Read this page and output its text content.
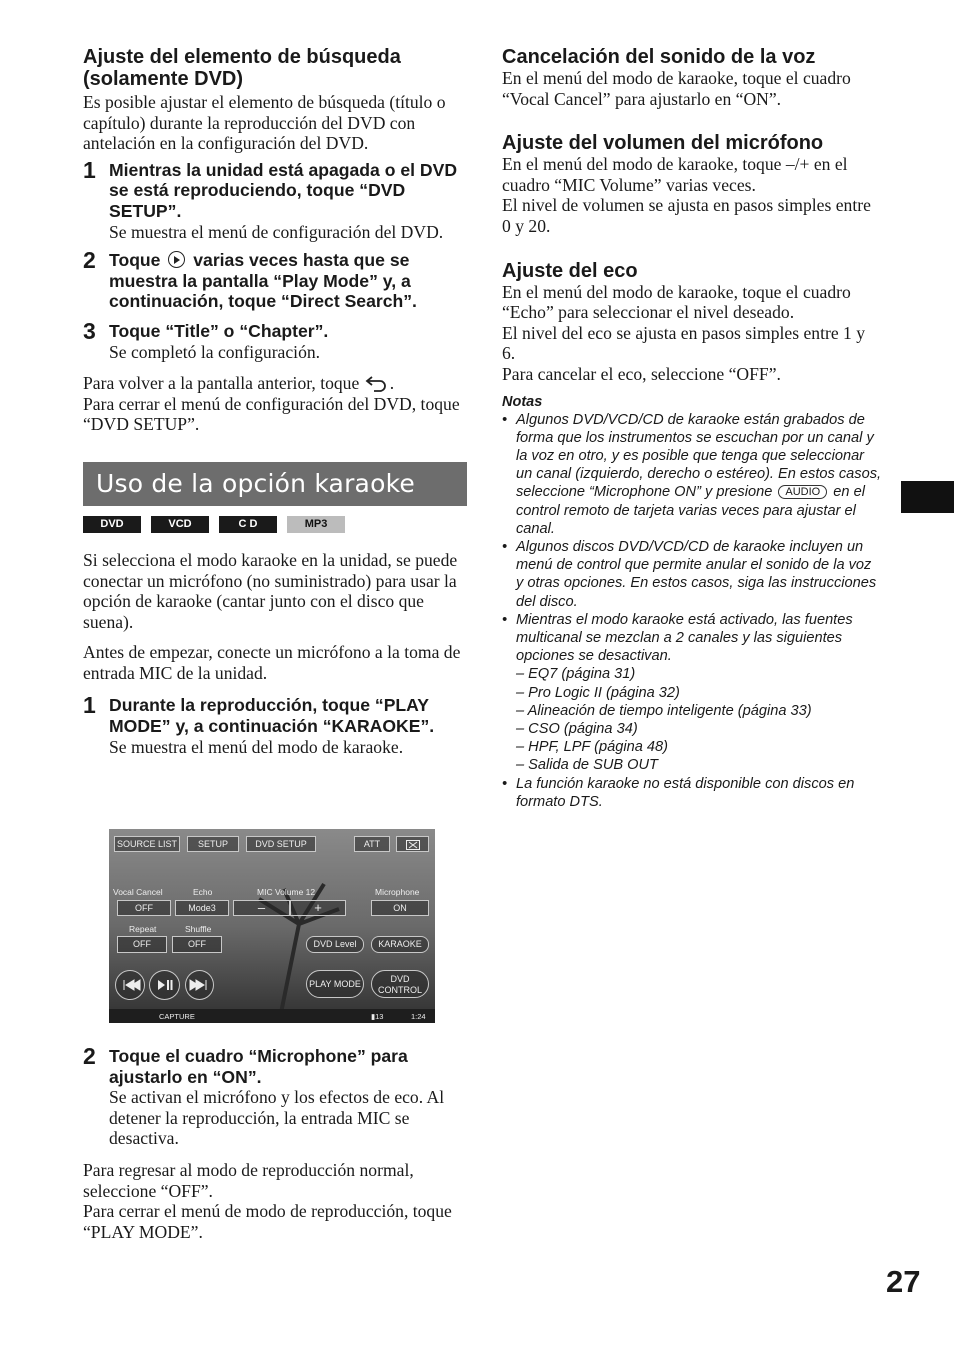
Ajuste del elemento de búsqueda (solamente DVD)

Es posible ajustar el elemento de búsqueda (título o capítulo) durante la reproducción del DVD con antelación en la configuración del DVD.

1 Mientras la unidad está apagada o el DVD se está reproduciendo, toque “DVD SETUP”.

Se muestra el menú de configuración del DVD.

2 Toque varias veces hasta que se muestra la pantalla “Play Mode” y, a continuación, toque “Direct Search”.

3 Toque “Title” o “Chapter”.

Se completó la configuración.

Para volver a la pantalla anterior, toque .

Para cerrar el menú de configuración del DVD, toque “DVD SETUP”.

Uso de la opción karaoke
DVD	VCD	C D	MP3

Si selecciona el modo karaoke en la unidad, se puede conectar un micrófono (no suministrado) para usar la opción de karaoke (cantar junto con el disco que suena).

Antes de empezar, conecte un micrófono a la toma de entrada MIC de la unidad.

1 Durante la reproducción, toque “PLAY MODE” y, a continuación “KARAOKE”.

Se muestra el menú del modo de karaoke.

SOURCE LIST	SETUP	DVD SETUP	ATT
Vocal Cancel	Echo	MIC Volume 12	Microphone
OFF	Mode3	–	+	ON
Repeat	Shuffle
OFF	OFF	DVD Level	KARAOKE
PLAY MODE	DVD CONTROL
CAPTURE	▮13	1:24
2 Toque el cuadro “Microphone” para ajustarlo en “ON”.

Se activan el micrófono y los efectos de eco. Al detener la reproducción, la entrada MIC se desactiva.

Para regresar al modo de reproducción normal, seleccione “OFF”.

Para cerrar el menú de modo de reproducción, toque “PLAY MODE”.

Cancelación del sonido de la voz

En el menú del modo de karaoke, toque el cuadro “Vocal Cancel” para ajustarlo en “ON”.

Ajuste del volumen del micrófono

En el menú del modo de karaoke, toque –/+ en el cuadro “MIC Volume” varias veces.

El nivel de volumen se ajusta en pasos simples entre 0 y 20.

Ajuste del eco

En el menú del modo de karaoke, toque el cuadro “Echo” para seleccionar el nivel deseado.

El nivel del eco se ajusta en pasos simples entre 1 y 6.

Para cancelar el eco, seleccione “OFF”.

Notas

• Algunos DVD/VCD/CD de karaoke están grabados de forma que los instrumentos se escuchan por un canal y la voz en otro, y es posible que tenga que seleccionar un canal (izquierdo, derecho o estéreo). En estos casos, seleccione “Microphone ON” y presione AUDIO en el control remoto de tarjeta varias veces para ajustar el canal.

• Algunos discos DVD/VCD/CD de karaoke incluyen un menú de control que permite anular el sonido de la voz y otras opciones. En estos casos, siga las instrucciones del disco.

• Mientras el modo karaoke está activado, las fuentes multicanal se mezclan a 2 canales y las siguientes opciones se desactivan.

– EQ7 (página 31)

– Pro Logic II (página 32)

– Alineación de tiempo inteligente (página 33)

– CSO (página 34)

– HPF, LPF (página 48)

– Salida de SUB OUT

• La función karaoke no está disponible con discos en formato DTS.

27
